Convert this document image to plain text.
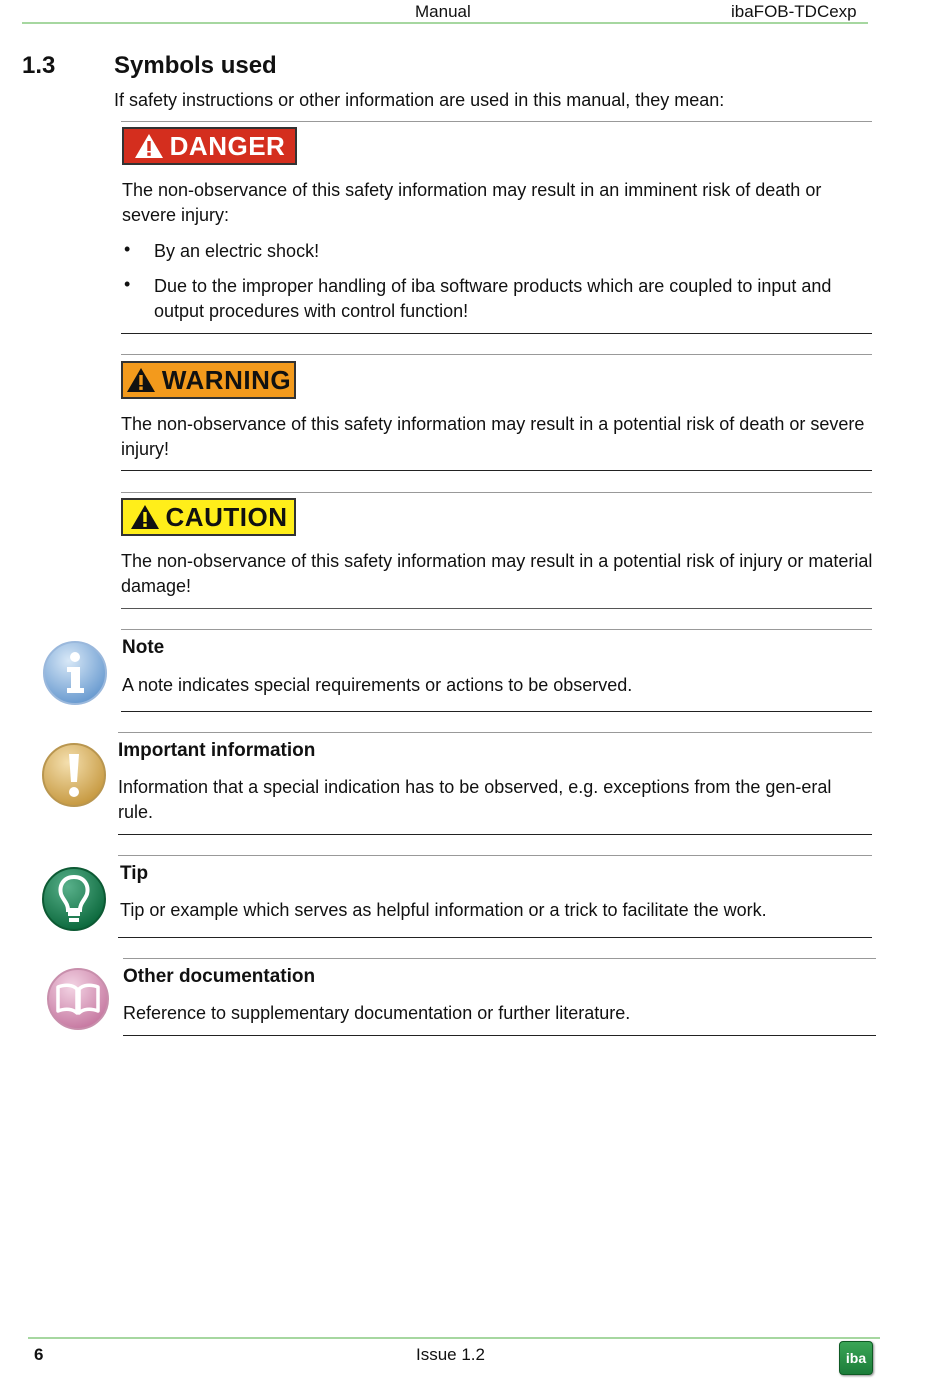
Manual	ibaFOB-TDCexp
1.3 Symbols used
If safety instructions or other information are used in this manual, they mean:
DANGER
The non-observance of this safety information may result in an imminent risk of death or severe injury:
• By an electric shock!
• Due to the improper handling of iba software products which are coupled to input and output procedures with control function!
WARNING
The non-observance of this safety information may result in a potential risk of death or severe injury!
CAUTION
The non-observance of this safety information may result in a potential risk of injury or material damage!
Note
A note indicates special requirements or actions to be observed.
Important information
Information that a special indication has to be observed, e.g. exceptions from the gen-eral rule.
Tip
Tip or example which serves as helpful information or a trick to facilitate the work.
Other documentation
Reference to supplementary documentation or further literature.
6	Issue 1.2	iba
